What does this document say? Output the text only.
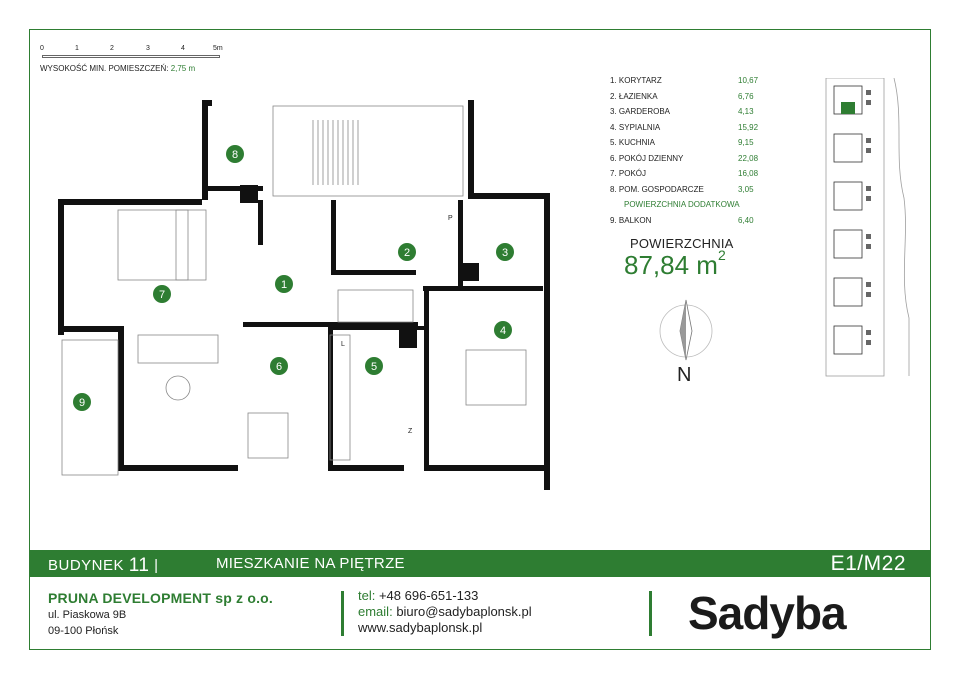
0	1	2	3	4	5m
WYSOKOŚĆ MIN. POMIESZCZEŃ: 2,75 m
P
L
Z
1
2	3
4
5
6
7
8
9
1. KORYTARZ	10,67
2. ŁAZIENKA	6,76
3. GARDEROBA	4,13
4. SYPIALNIA	15,92
5. KUCHNIA	9,15
6. POKÓJ DZIENNY	22,08
7. POKÓJ	16,08
8. POM. GOSPODARCZE	3,05
POWIERZCHNIA DODATKOWA
9. BALKON	6,40
POWIERZCHNIA
87,84 $m^2$
N
BUDYNEK 11 |	MIESZKANIE NA PIĘTRZE	E1/M22
PRUNA DEVELOPMENT sp z o.o.
ul. Piaskowa 9B
09-100 Płońsk
tel: +48 696-651-133
email: biuro@sadybaplonsk.pl
www.sadybaplonsk.pl	Sadyba
